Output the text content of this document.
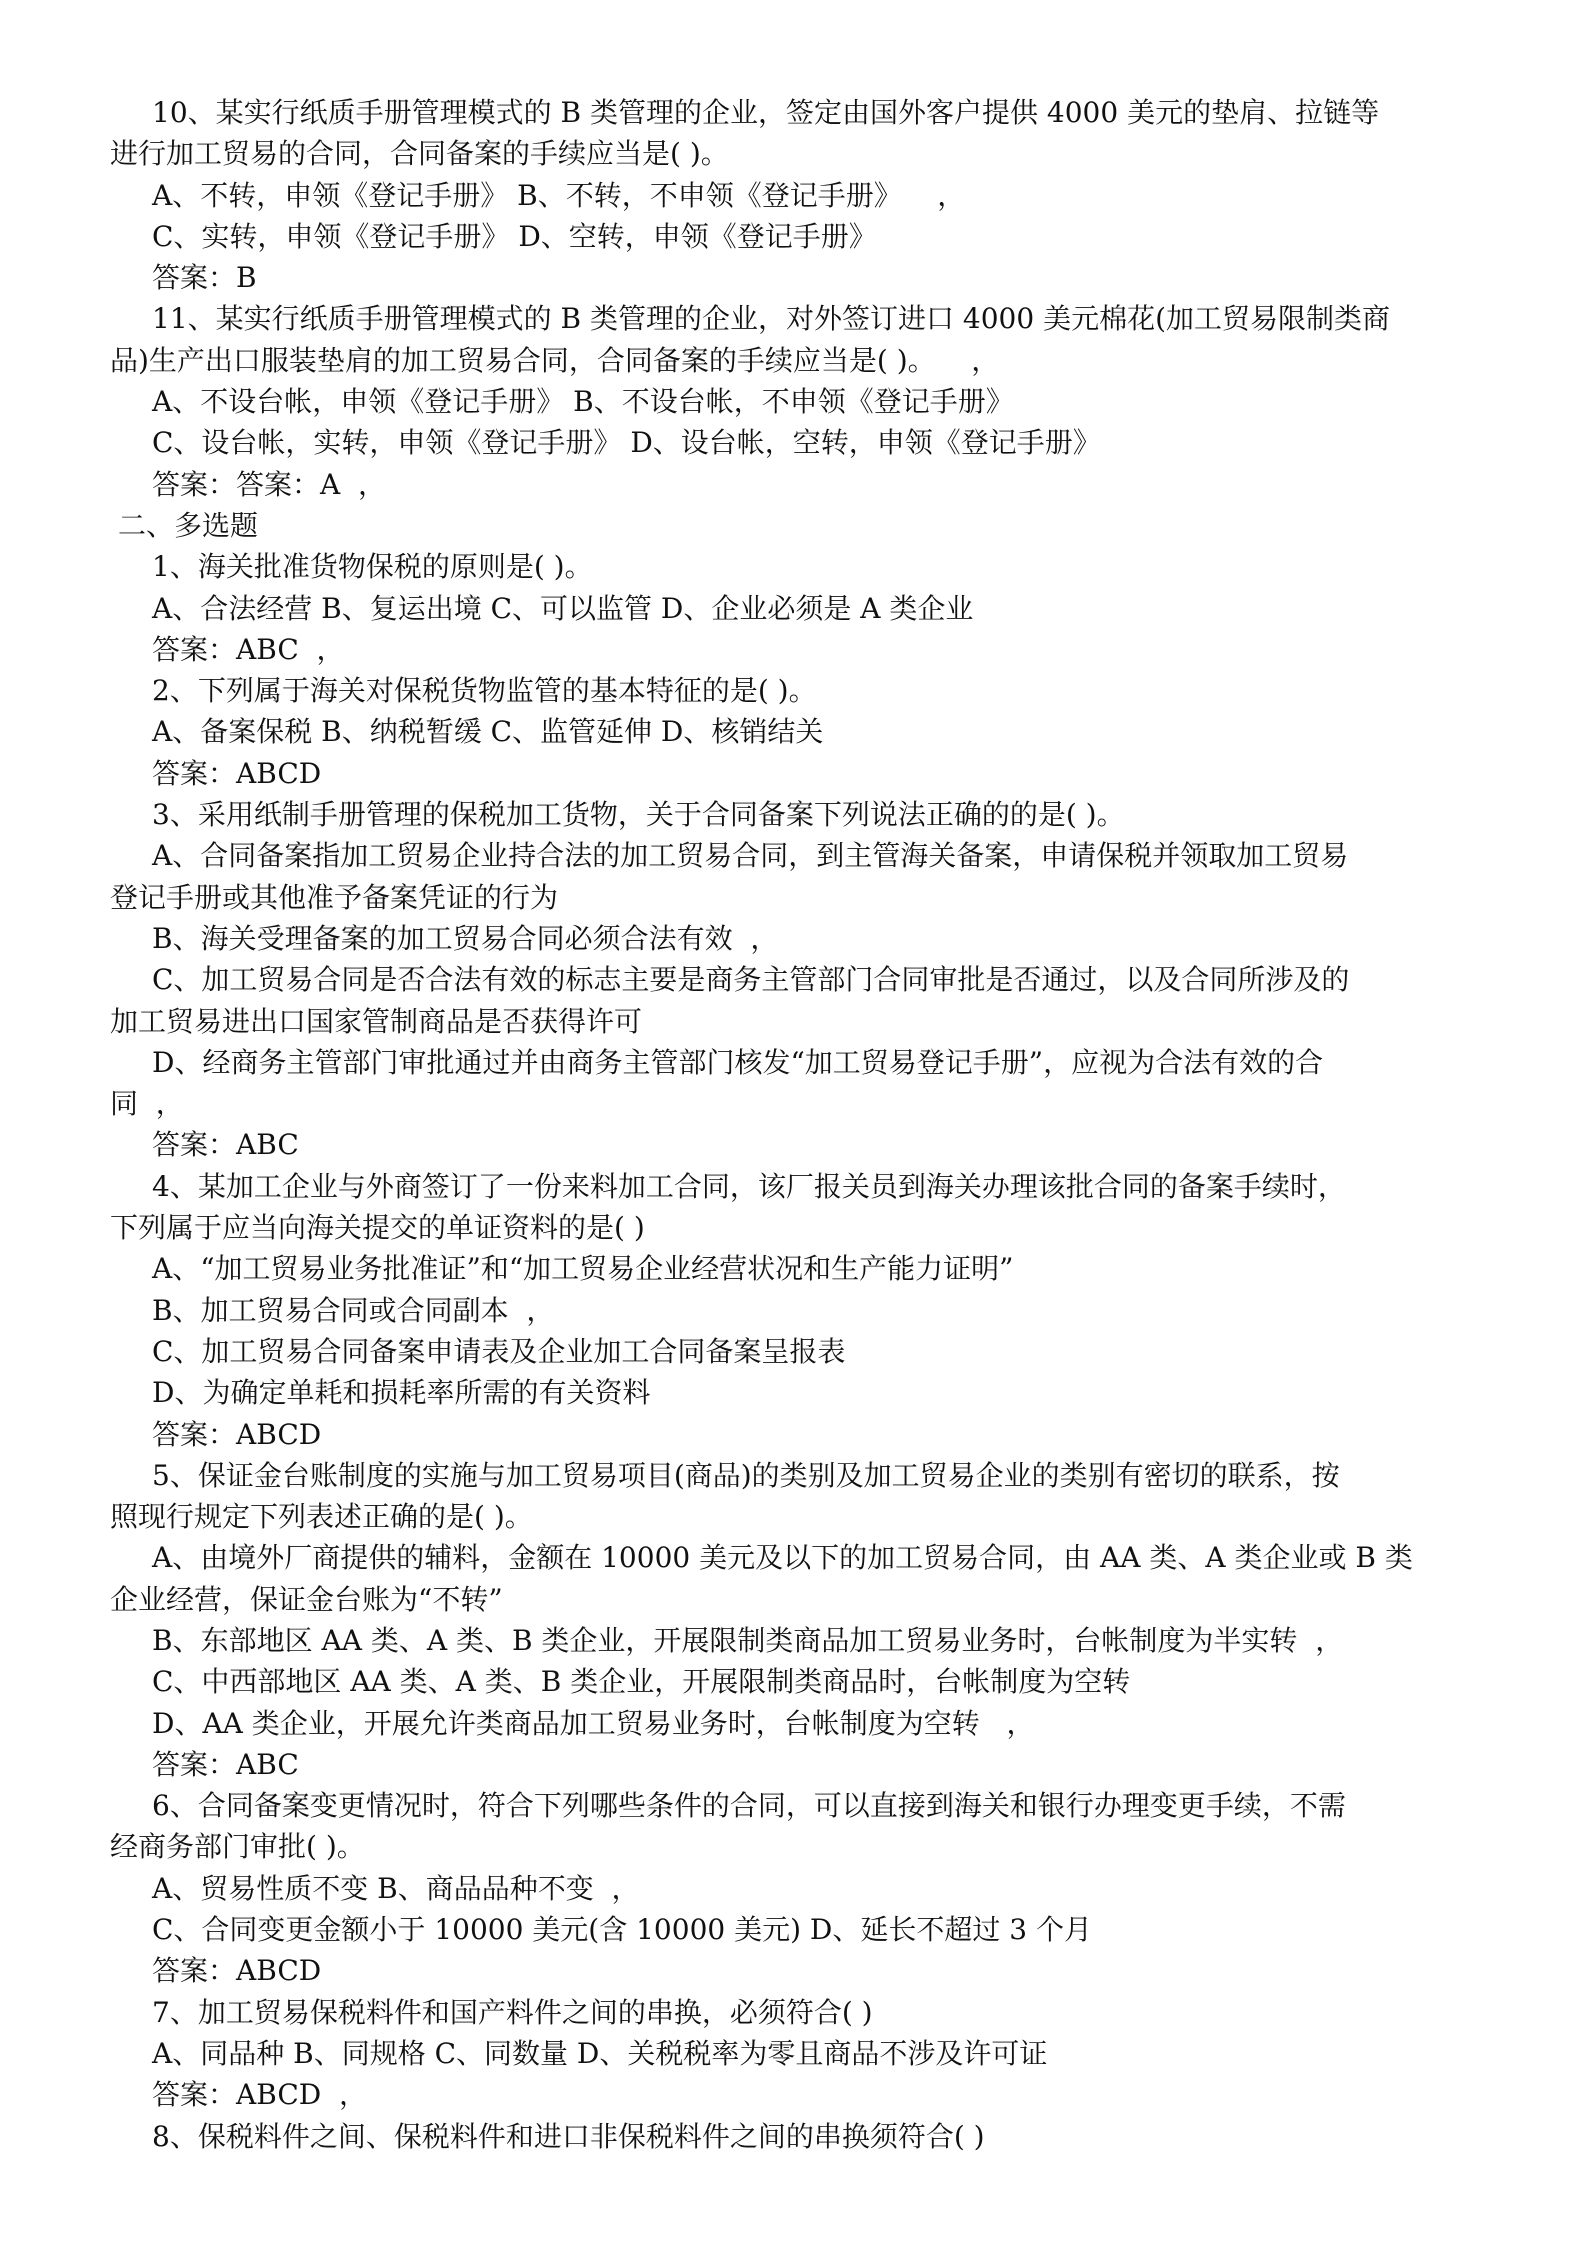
10、某实行纸质手册管理模式的 B 类管理的企业，签定由国外客户提供 4000 美元的垫肩、拉链等
进行加工贸易的合同，合同备案的手续应当是( )。
A、不转，申领《登记手册》 B、不转，不申领《登记手册》    ，
C、实转，申领《登记手册》 D、空转，申领《登记手册》
答案：B
11、某实行纸质手册管理模式的 B 类管理的企业，对外签订进口 4000 美元棉花(加工贸易限制类商
品)生产出口服装垫肩的加工贸易合同，合同备案的手续应当是( )。    ，
A、不设台帐，申领《登记手册》 B、不设台帐，不申领《登记手册》
C、设台帐，实转，申领《登记手册》 D、设台帐，空转，申领《登记手册》
答案：答案：A  ，
二、多选题
1、海关批准货物保税的原则是( )。
A、合法经营 B、复运出境 C、可以监管 D、企业必须是 A 类企业
答案：ABC  ，
2、下列属于海关对保税货物监管的基本特征的是( )。
A、备案保税 B、纳税暂缓 C、监管延伸 D、核销结关
答案：ABCD
3、采用纸制手册管理的保税加工货物，关于合同备案下列说法正确的的是( )。
A、合同备案指加工贸易企业持合法的加工贸易合同，到主管海关备案，申请保税并领取加工贸易
登记手册或其他准予备案凭证的行为
B、海关受理备案的加工贸易合同必须合法有效  ，
C、加工贸易合同是否合法有效的标志主要是商务主管部门合同审批是否通过，以及合同所涉及的
加工贸易进出口国家管制商品是否获得许可
D、经商务主管部门审批通过并由商务主管部门核发“加工贸易登记手册”，应视为合法有效的合
同  ，
答案：ABC
4、某加工企业与外商签订了一份来料加工合同，该厂报关员到海关办理该批合同的备案手续时，
下列属于应当向海关提交的单证资料的是( )
A、“加工贸易业务批准证”和“加工贸易企业经营状况和生产能力证明”
B、加工贸易合同或合同副本  ，
C、加工贸易合同备案申请表及企业加工合同备案呈报表
D、为确定单耗和损耗率所需的有关资料
答案：ABCD
5、保证金台账制度的实施与加工贸易项目(商品)的类别及加工贸易企业的类别有密切的联系，按
照现行规定下列表述正确的是( )。
A、由境外厂商提供的辅料，金额在 10000 美元及以下的加工贸易合同，由 AA 类、A 类企业或 B 类
企业经营，保证金台账为“不转”
B、东部地区 AA 类、A 类、B 类企业，开展限制类商品加工贸易业务时，台帐制度为半实转  ，
C、中西部地区 AA 类、A 类、B 类企业，开展限制类商品时，台帐制度为空转
D、AA 类企业，开展允许类商品加工贸易业务时，台帐制度为空转   ，
答案：ABC
6、合同备案变更情况时，符合下列哪些条件的合同，可以直接到海关和银行办理变更手续，不需
经商务部门审批( )。
A、贸易性质不变 B、商品品种不变  ，
C、合同变更金额小于 10000 美元(含 10000 美元) D、延长不超过 3 个月
答案：ABCD
7、加工贸易保税料件和国产料件之间的串换，必须符合( )
A、同品种 B、同规格 C、同数量 D、关税税率为零且商品不涉及许可证
答案：ABCD  ，
8、保税料件之间、保税料件和进口非保税料件之间的串换须符合( )
